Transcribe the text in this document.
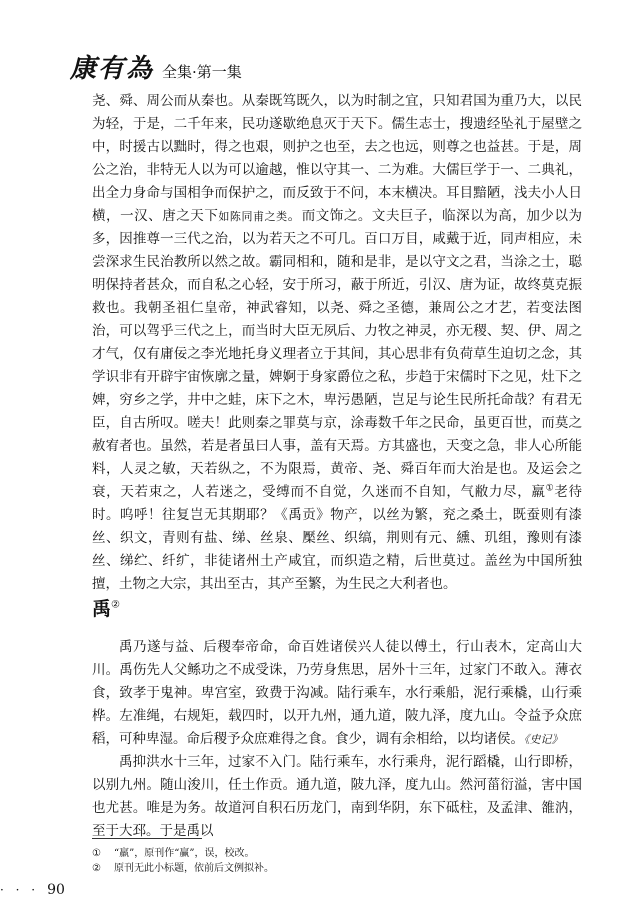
康有為 全集·第一集

尧、舜、周公而从秦也。从秦既笃既久，以为时制之宜，只知君国为重乃大，以民为轻，于是，二千年来，民功遂歇绝息灭于天下。儒生志士，搜遗经坠礼于屋壁之中，时援古以黜时，得之也艰，则护之也至，去之也远，则尊之也益甚。于是，周公之治，非特无人以为可以逾越，惟以守其一、二为难。大儒巨学于一、二典礼，出全力身命与国相争而保护之，而反致于不问，本末横决。耳目黯陋，浅夫小人日横，一汉、唐之天下如陈同甫之类。而文饰之。文夫巨子，临深以为高，加少以为多，因推尊一三代之治，以为若天之不可几。百口万目，咸戴于近，同声相应，未尝深求生民治教所以然之故。霸同相和，随和是非，是以守文之君，当涂之士，聪明保持者甚众，而自私之心轻，安于所习，蔽于所近，引汉、唐为证，故终莫克振救也。我朝圣祖仁皇帝，神武睿知，以尧、舜之圣德，兼周公之才艺，若变法图治，可以驾乎三代之上，而当时大臣无夙后、力牧之神灵，亦无稷、契、伊、周之才气，仅有庸佞之李光地托身义理者立于其间，其心思非有负荷草生迫切之念，其学识非有开辟宇宙恢廓之量，婢婀于身家爵位之私，步趋于宋儒时下之见，灶下之婢，穷乡之学，井中之蛙，床下之木，卑污愚陋，岂足与论生民所托命哉？有君无臣，自古所叹。嗟夫！此则秦之罪莫与京，涂毒数千年之民命，虽更百世，而莫之赦宥者也。虽然，若是者虽曰人事，盖有天焉。方其盛也，天变之急，非人心所能料，人灵之敏，天若纵之，不为限焉，黄帝、尧、舜百年而大治是也。及运会之衰，天若束之，人若迷之，受缚而不自觉，久迷而不自知，气敝力尽，羸①老待时。呜呼！往复岂无其期耶？《禹贡》物产，以丝为繁，兖之桑土，既蚕则有漆丝、织文，青则有盐、绨、丝泉、檿丝、织缟，荆则有元、纁、玑组，豫则有漆丝、绨纻、纤纩，非徒诸州土产咸宜，而织造之精，后世莫过。盖丝为中国所独擅，土物之大宗，其出至古，其产至繁，为生民之大利者也。

禹②

禹乃遂与益、后稷奉帝命，命百姓诸侯兴人徒以傅土，行山表木，定高山大川。禹伤先人父鲧功之不成受诛，乃劳身焦思，居外十三年，过家门不敢入。薄衣食，致孝于鬼神。卑宫室，致费于沟减。陆行乘车，水行乘船，泥行乘橇，山行乘桦。左准绳，右规矩，载四时，以开九州，通九道，陂九泽，度九山。令益予众庶稻，可种卑湿。命后稷予众庶难得之食。食少，调有余相给，以均诸侯。《史记》

禹抑洪水十三年，过家不入门。陆行乘车，水行乘舟，泥行蹈橇，山行即桥，以别九州。随山浚川，任土作贡。通九道，陂九泽，度九山。然河菑衍溢，害中国也尤甚。唯是为务。故道河自积石历龙门，南到华阴，东下砥柱，及孟津、雒汭，至于大邳。于是禹以

① “羸”，原刊作“赢”，误，校改。
② 原刊无此小标题，依前后文例拟补。
· · · 90
